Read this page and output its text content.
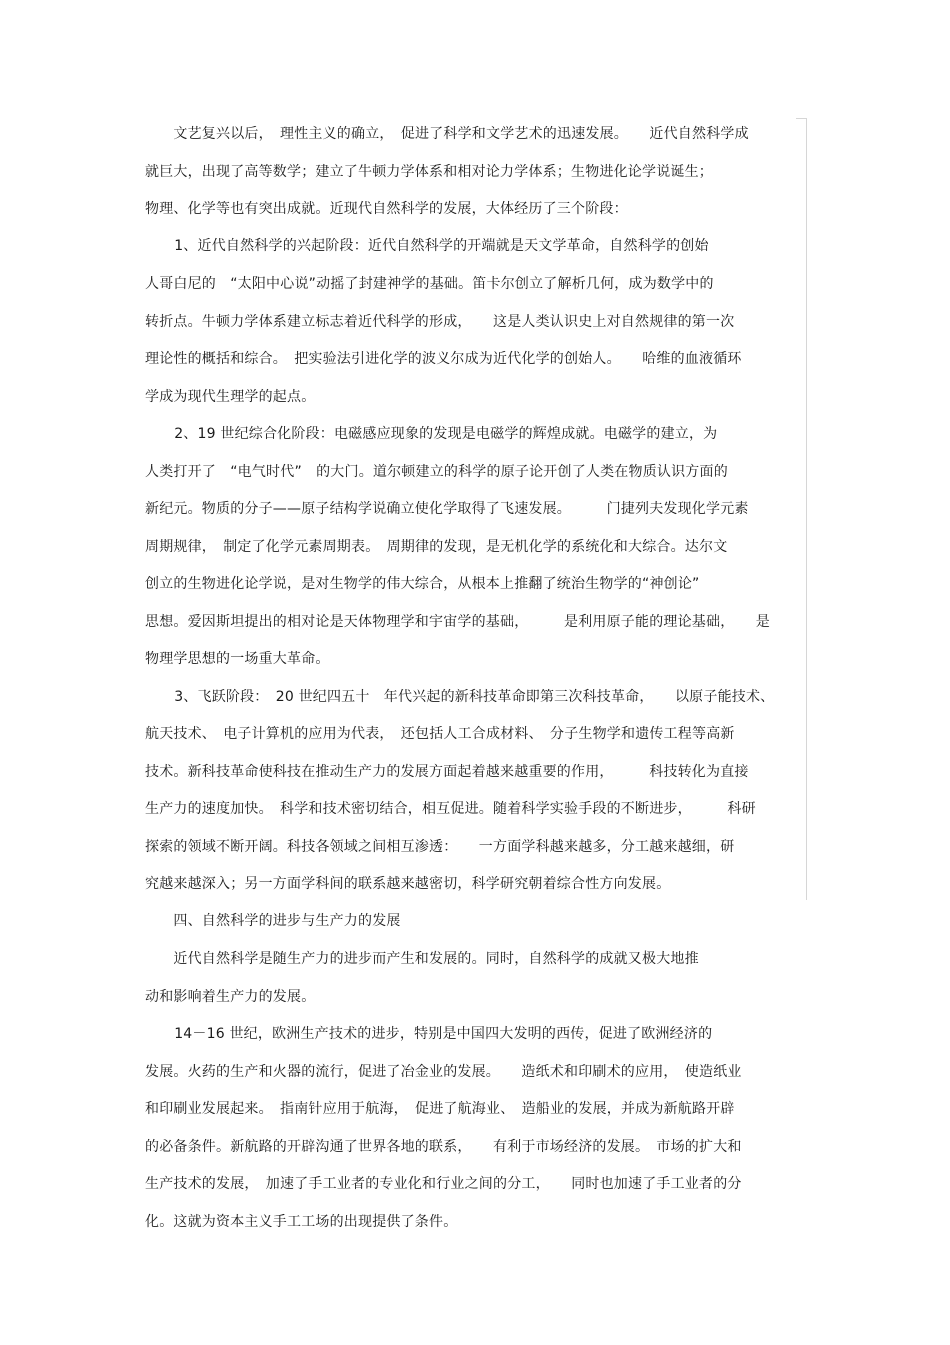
　　文艺复兴以后，　理性主义的确立，　促进了科学和文学艺术的迅速发展。　　近代自然科学成
就巨大，出现了高等数学；建立了牛顿力学体系和相对论力学体系；生物进化论学说诞生；
物理、化学等也有突出成就。近现代自然科学的发展，大体经历了三个阶段：
　1、近代自然科学的兴起阶段：近代自然科学的开端就是天文学革命，自然科学的创始
人哥白尼的　“太阳中心说”动摇了封建神学的基础。笛卡尔创立了解析几何，成为数学中的
转折点。牛顿力学体系建立标志着近代科学的形成，　　这是人类认识史上对自然规律的第一次
理论性的概括和综合。　把实验法引进化学的波义尔成为近代化学的创始人。　　哈维的血液循环
学成为现代生理学的起点。
　2、19 世纪综合化阶段：电磁感应现象的发现是电磁学的辉煌成就。电磁学的建立，为
人类打开了　“电气时代”　的大门。道尔顿建立的科学的原子论开创了人类在物质认识方面的
新纪元。物质的分子——原子结构学说确立使化学取得了飞速发展。　　　门捷列夫发现化学元素
周期规律，　制定了化学元素周期表。　周期律的发现，是无机化学的系统化和大综合。达尔文
创立的生物进化论学说，是对生物学的伟大综合，从根本上推翻了统治生物学的“神创论”
思想。爱因斯坦提出的相对论是天体物理学和宇宙学的基础，　　　是利用原子能的理论基础，　　是
物理学思想的一场重大革命。
　3、飞跃阶段：　20 世纪四五十　年代兴起的新科技革命即第三次科技革命，　　以原子能技术、
航天技术、　电子计算机的应用为代表，　还包括人工合成材料、　分子生物学和遗传工程等高新
技术。新科技革命使科技在推动生产力的发展方面起着越来越重要的作用，　　　科技转化为直接
生产力的速度加快。　科学和技术密切结合，相互促进。随着科学实验手段的不断进步，　　　科研
探索的领域不断开阔。科技各领域之间相互渗透：　　一方面学科越来越多，分工越来越细，研
究越来越深入；另一方面学科间的联系越来越密切，科学研究朝着综合性方向发展。
　　四、自然科学的进步与生产力的发展
　　近代自然科学是随生产力的进步而产生和发展的。同时，自然科学的成就又极大地推
动和影响着生产力的发展。
　14－16 世纪，欧洲生产技术的进步，特别是中国四大发明的西传，促进了欧洲经济的
发展。火药的生产和火器的流行，促进了冶金业的发展。　　造纸术和印刷术的应用，　使造纸业
和印刷业发展起来。　指南针应用于航海，　促进了航海业、　造船业的发展，并成为新航路开辟
的必备条件。新航路的开辟沟通了世界各地的联系，　　有利于市场经济的发展。　市场的扩大和
生产技术的发展，　加速了手工业者的专业化和行业之间的分工，　　同时也加速了手工业者的分
化。这就为资本主义手工工场的出现提供了条件。
